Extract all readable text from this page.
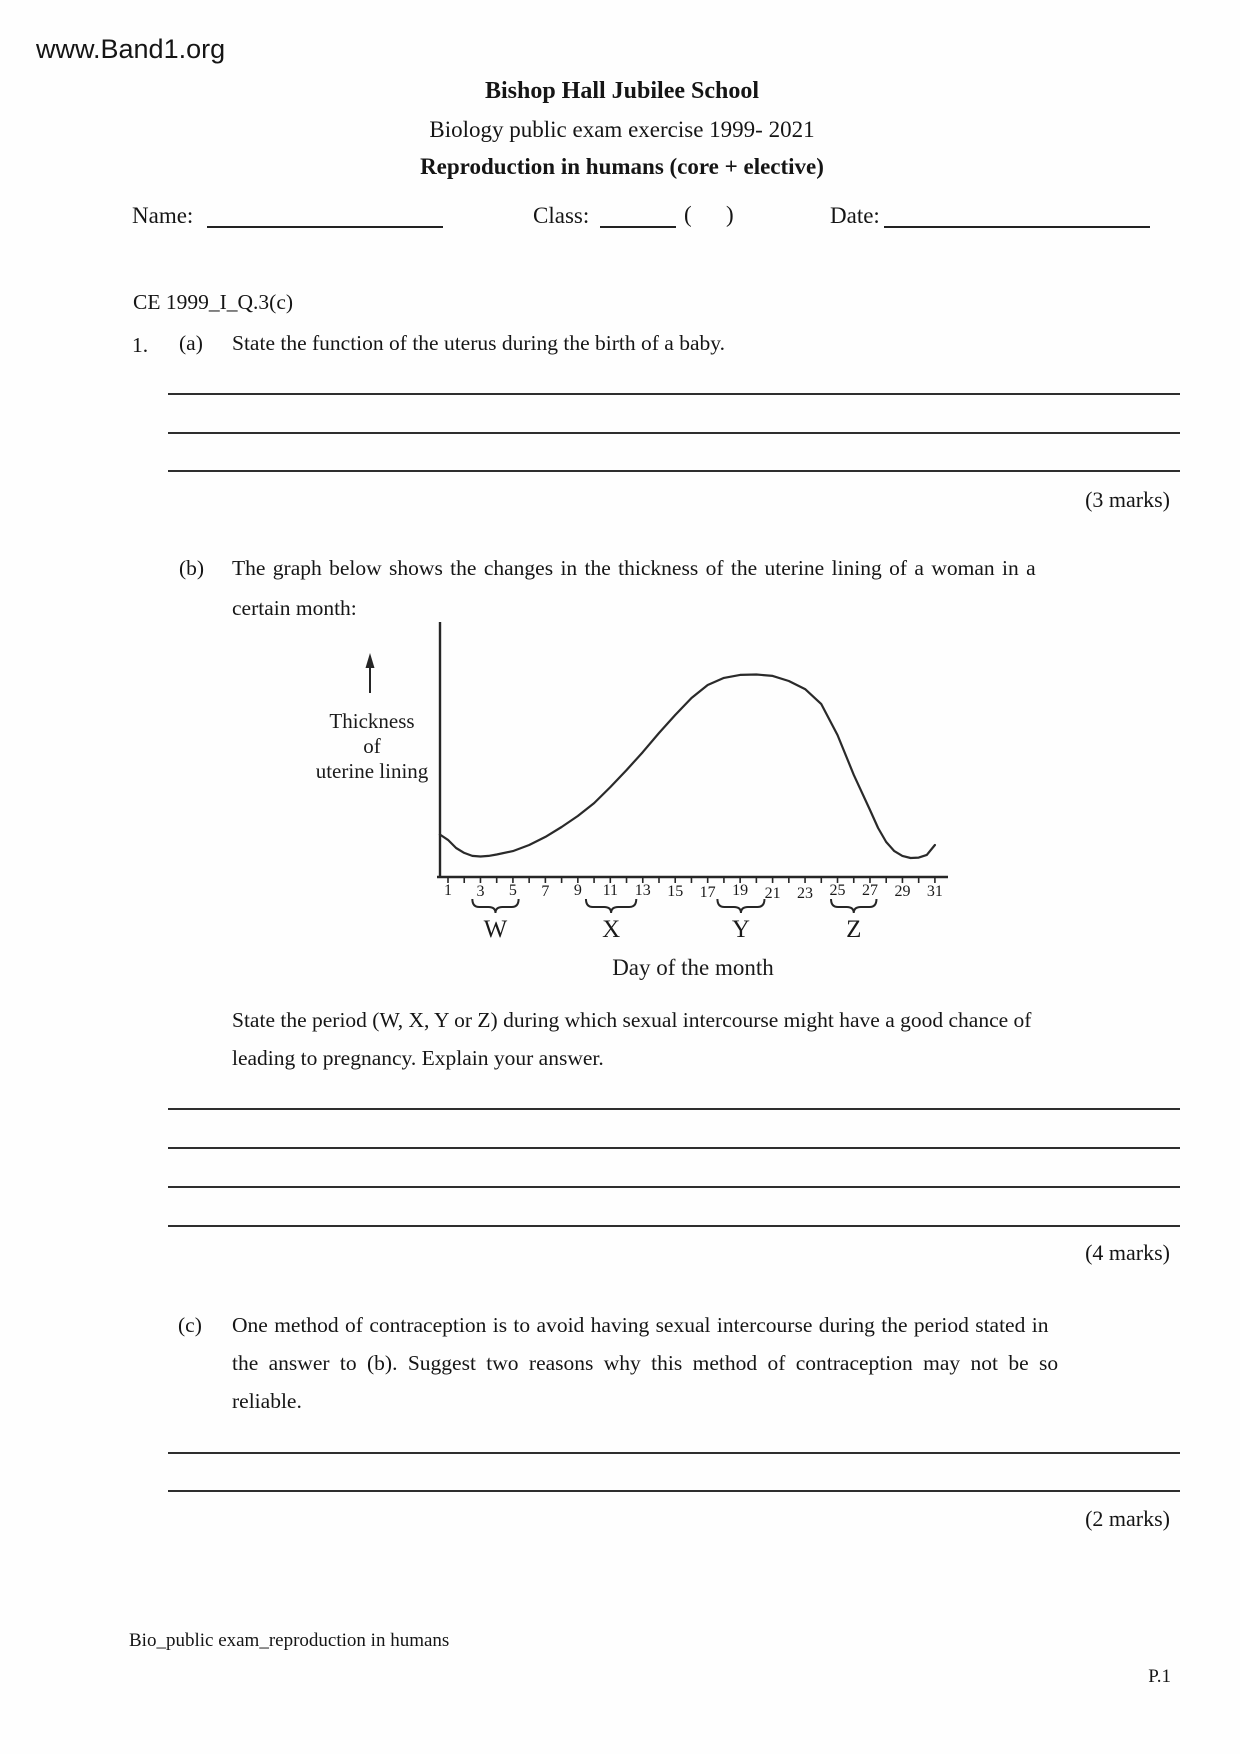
www.Band1.org
Bishop Hall Jubilee School
Biology public exam exercise 1999- 2021
Reproduction in humans (core + elective)
Name:	Class:	( )	Date:
CE 1999_I_Q.3(c)
1. (a) State the function of the uterus during the birth of a baby.
(3 marks)
(b) The graph below shows the changes in the thickness of the uterine lining of a woman in a
certain month:
1 3 5 7 9 11 13 15 17 19 21 23 25 27 29 31
Thickness
of
uterine lining
W	X	Y	Z
Day of the month
State the period (W, X, Y or Z) during which sexual intercourse might have a good chance of
leading to pregnancy. Explain your answer.
(4 marks)
(c) One method of contraception is to avoid having sexual intercourse during the period stated in
the answer to (b). Suggest two reasons why this method of contraception may not be so
reliable.
(2 marks)
Bio_public exam_reproduction in humans
P.1
